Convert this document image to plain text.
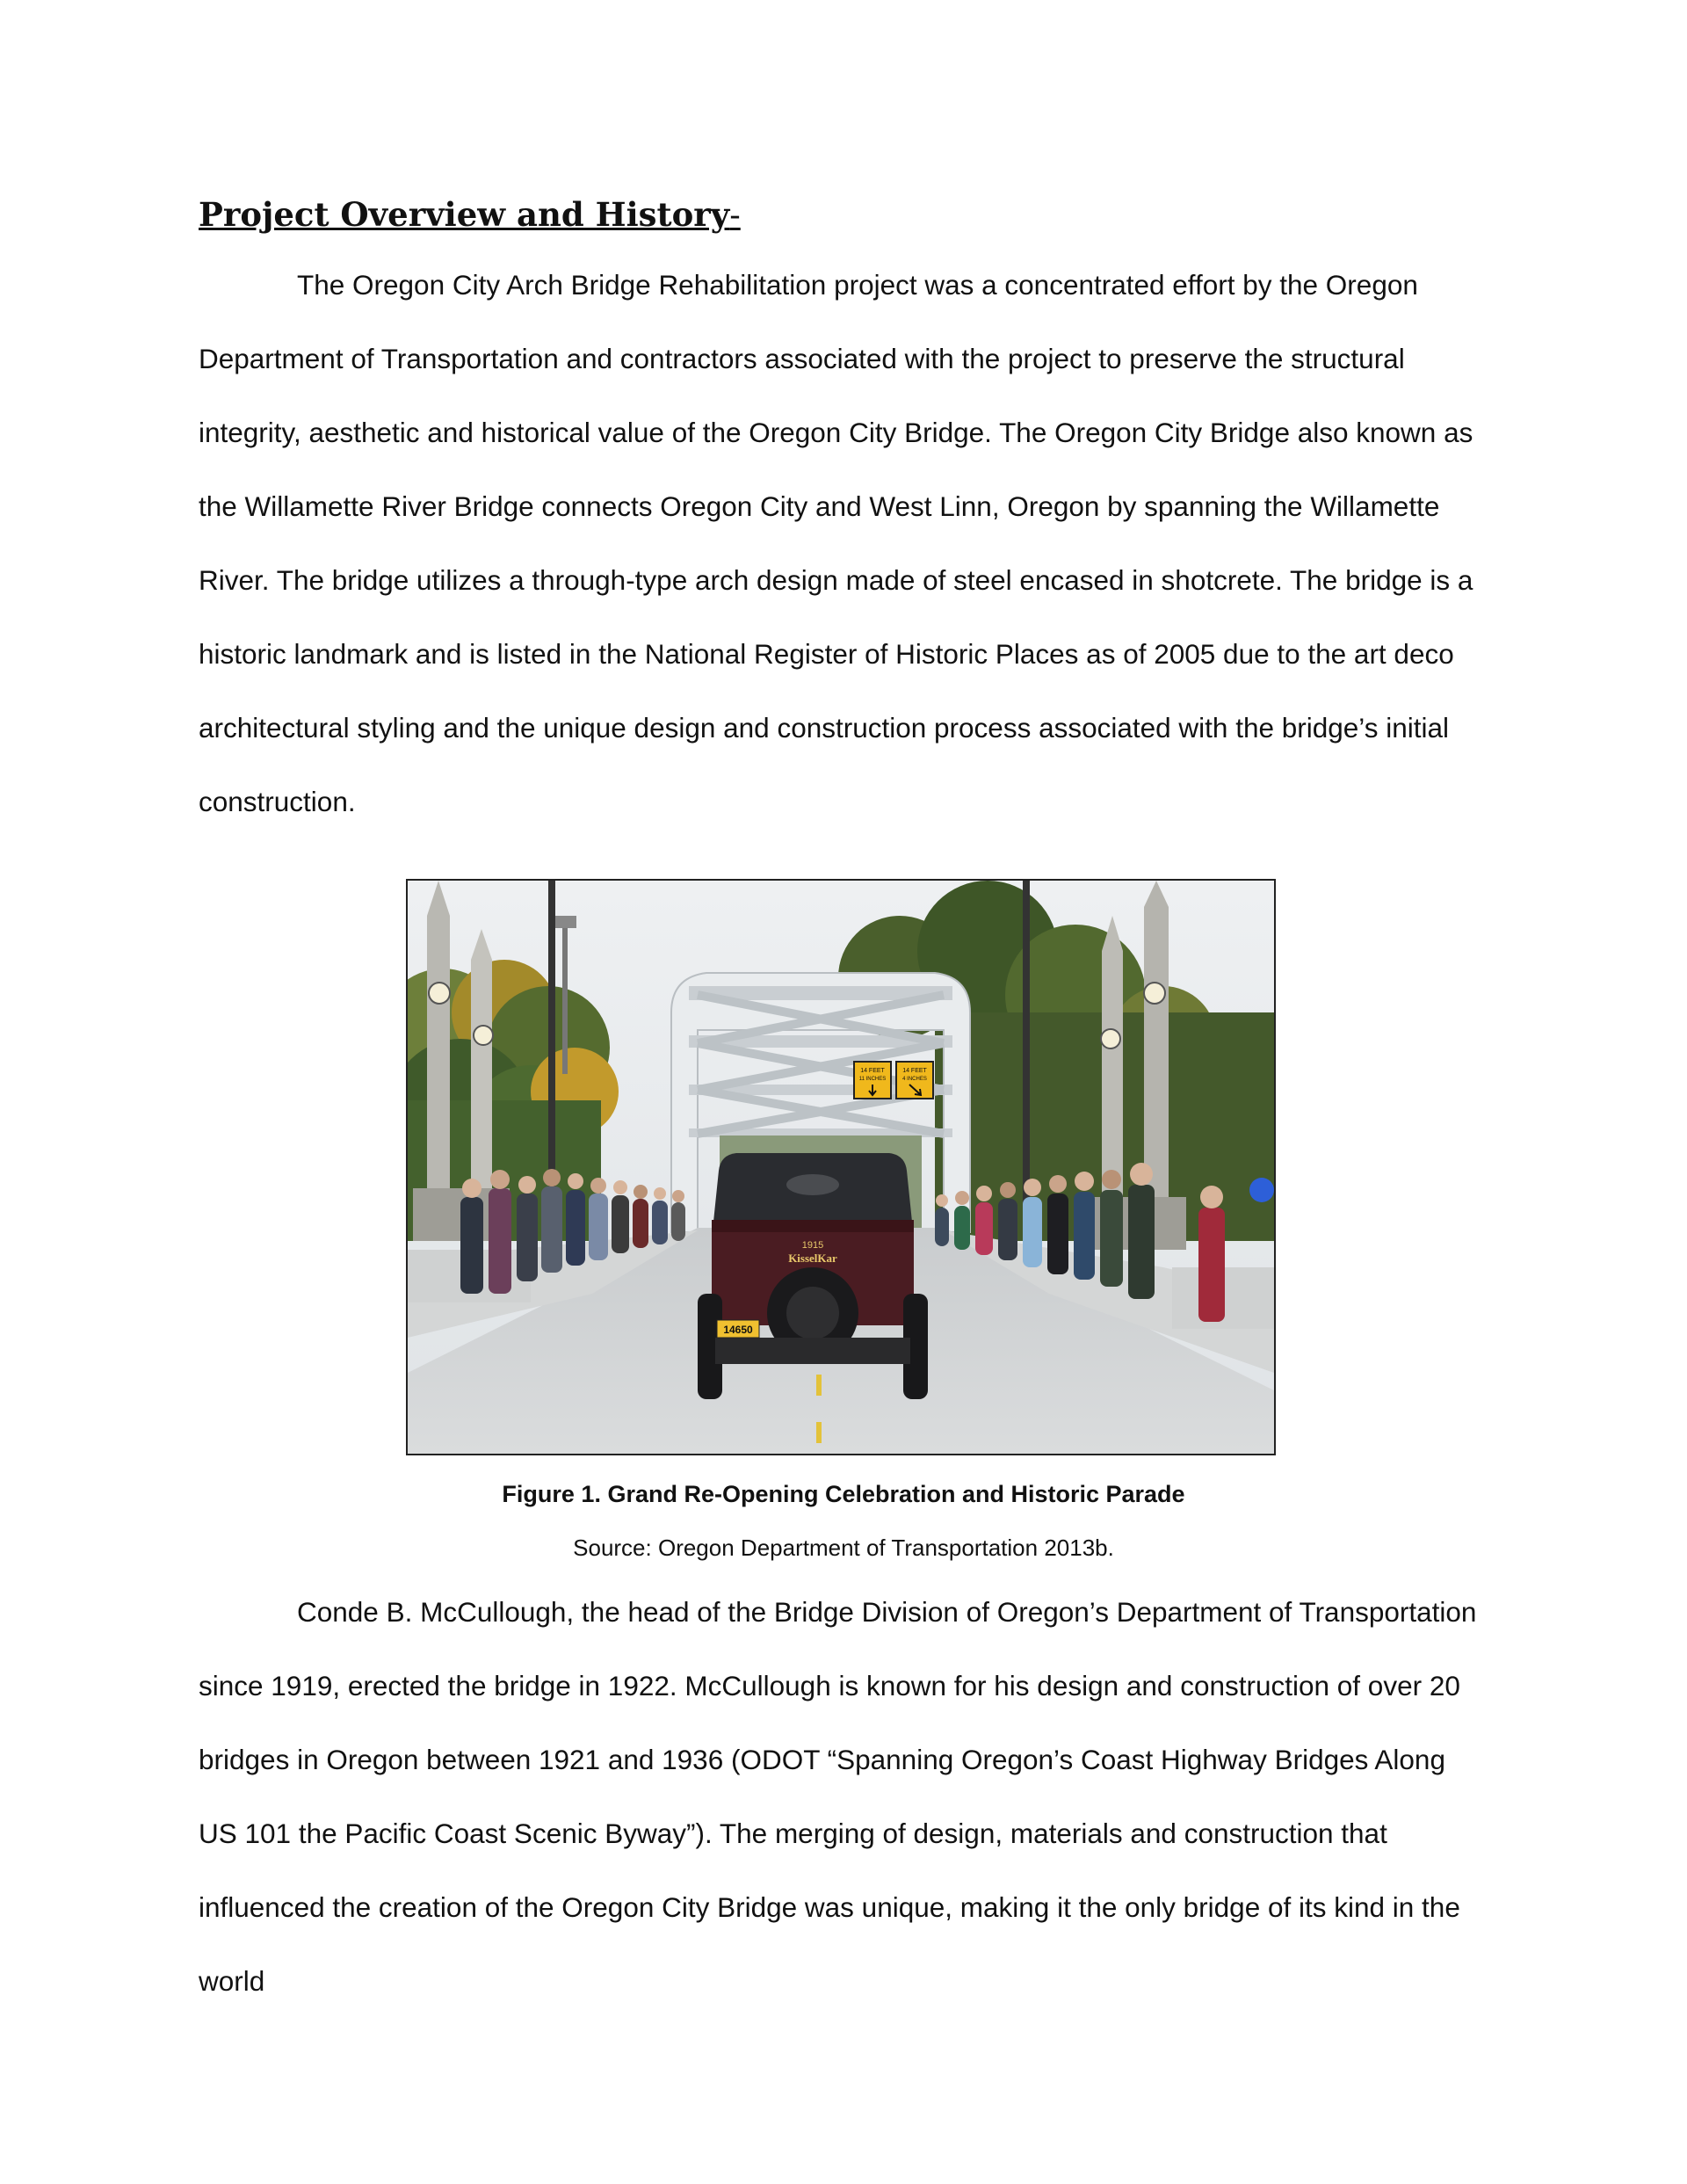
Project Overview and History-

The Oregon City Arch Bridge Rehabilitation project was a concentrated effort by the Oregon Department of Transportation and contractors associated with the project to preserve the structural integrity, aesthetic and historical value of the Oregon City Bridge. The Oregon City Bridge also known as the Willamette River Bridge connects Oregon City and West Linn, Oregon by spanning the Willamette River. The bridge utilizes a through-type arch design made of steel encased in shotcrete. The bridge is a historic landmark and is listed in the National Register of Historic Places as of 2005 due to the art deco architectural styling and the unique design and construction process associated with the bridge’s initial construction.

14 FEET
11 INCHES
14 FEET
4 INCHES
1915
KisselKar
14650

Figure 1. Grand Re-Opening Celebration and Historic Parade

Source: Oregon Department of Transportation 2013b.

Conde B. McCullough, the head of the Bridge Division of Oregon’s Department of Transportation since 1919, erected the bridge in 1922. McCullough is known for his design and construction of over 20 bridges in Oregon between 1921 and 1936 (ODOT “Spanning Oregon’s Coast Highway Bridges Along US 101 the Pacific Coast Scenic Byway”). The merging of design, materials and construction that influenced the creation of the Oregon City Bridge was unique, making it the only bridge of its kind in the world
